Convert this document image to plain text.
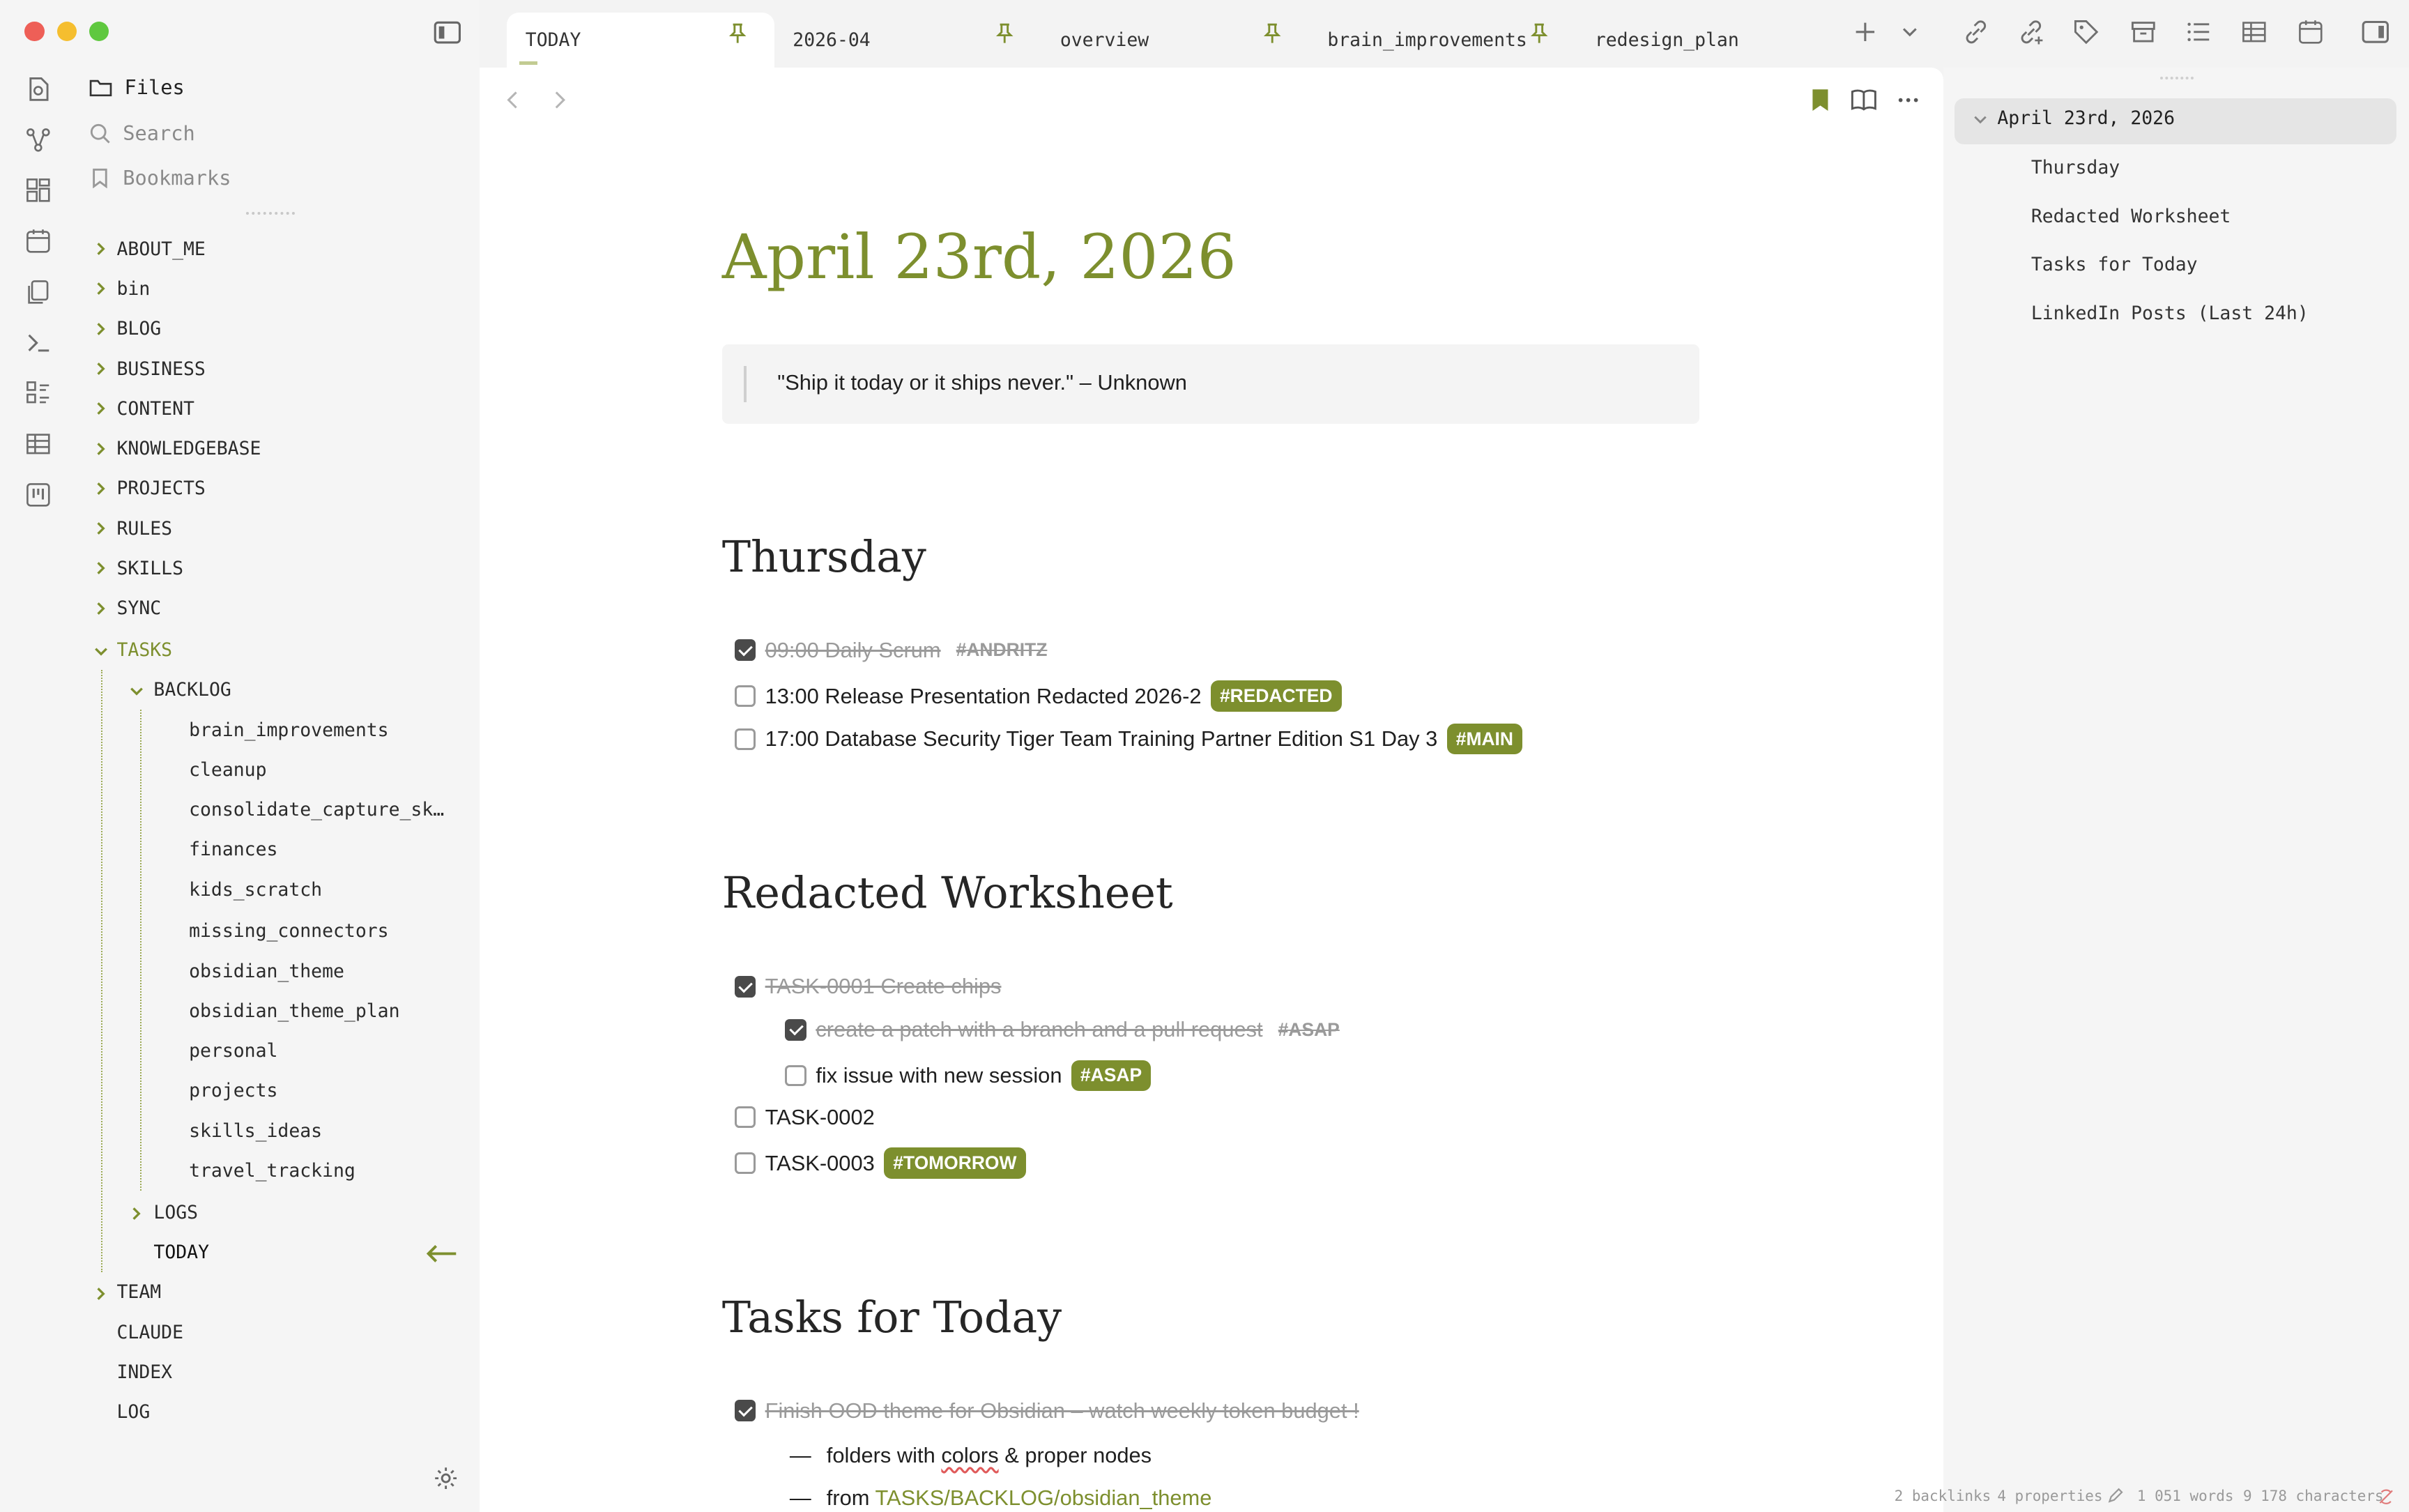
Files
Search
Bookmarks
ABOUT_ME
bin
BLOG
BUSINESS
CONTENT
KNOWLEDGEBASE
PROJECTS
RULES
SKILLS
SYNC
TASKS
BACKLOG
brain_improvements
cleanup
consolidate_capture_sk…
finances
kids_scratch
missing_connectors
obsidian_theme
obsidian_theme_plan
personal
projects
skills_ideas
travel_tracking
LOGS
TODAY
TEAM
CLAUDE
INDEX
LOG
TODAY	2026-04	overview	brain_improvements	redesign_plan
April 23rd, 2026
"Ship it today or it ships never." – Unknown
Thursday
09:00 Daily Scrum #ANDRITZ
13:00 Release Presentation Redacted 2026-2	#REDACTED
17:00 Database Security Tiger Team Training Partner Edition S1 Day 3	#MAIN
Redacted Worksheet
TASK-0001 Create chips
create a patch with a branch and a pull request #ASAP
fix issue with new session	#ASAP
TASK-0002
TASK-0003	#TOMORROW
Tasks for Today
Finish OOD theme for Obsidian – watch weekly token budget !
— folders with colors & proper nodes
— from TASKS/BACKLOG/obsidian_theme
April 23rd, 2026
Thursday
Redacted Worksheet
Tasks for Today
LinkedIn Posts (Last 24h)
2 backlinks 4 properties	1 051 words 9 178 characters
